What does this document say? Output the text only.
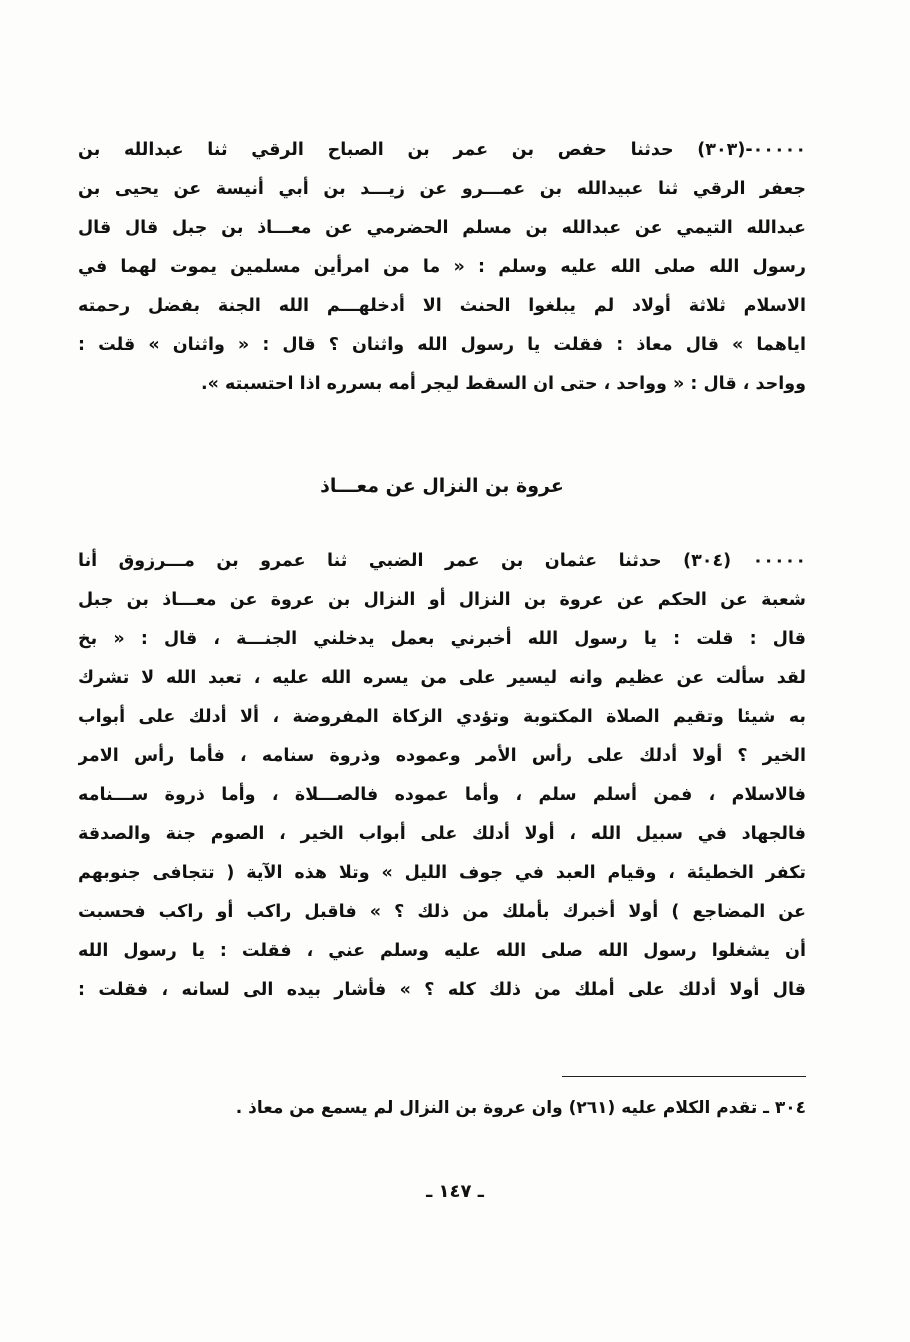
٠٠٠٠٠-(٣٠٣) حدثنا حفص بن عمر بن الصباح الرقي ثنا عبدالله بن
جعفر الرقي ثنا عبيدالله بن عمـــرو عن زيـــد بن أبي أنيسة عن يحيى بن
عبدالله التيمي عن عبدالله بن مسلم الحضرمي عن معـــاذ بن جبل قال قال
رسول الله صلى الله عليه وسلم : « ما من امرأين مسلمين يموت لهما في
الاسلام ثلاثة أولاد لم يبلغوا الحنث الا أدخلهـــم الله الجنة بفضل رحمته
اياهما » قال معاذ : فقلت يا رسول الله واثنان ؟ قال : « واثنان » قلت :
وواحد ، قال : « وواحد ، حتى ان السقط ليجر أمه بسرره اذا احتسبته ».
عروة بن النزال عن معـــاذ
٠٠٠٠٠ (٣٠٤) حدثنا عثمان بن عمر الضبي ثنا عمرو بن مـــرزوق أنا
شعبة عن الحكم عن عروة بن النزال أو النزال بن عروة عن معـــاذ بن جبل
قال : قلت : يا رسول الله أخبرني بعمل يدخلني الجنـــة ، قال : « بخ
لقد سألت عن عظيم وانه ليسير على من يسره الله عليه ، تعبد الله لا تشرك
به شيئا وتقيم الصلاة المكتوبة وتؤدي الزكاة المفروضة ، ألا أدلك على أبواب
الخير ؟ أولا أدلك على رأس الأمر وعموده وذروة سنامه ، فأما رأس الامر
فالاسلام ، فمن أسلم سلم ، وأما عموده فالصـــلاة ، وأما ذروة ســـنامه
فالجهاد في سبيل الله ، أولا أدلك على أبواب الخير ، الصوم جنة والصدقة
تكفر الخطيئة ، وقيام العبد في جوف الليل » وتلا هذه الآية ( تتجافى جنوبهم
عن المضاجع ) أولا أخبرك بأملك من ذلك ؟ » فاقبل راكب أو راكب فحسبت
أن يشغلوا رسول الله صلى الله عليه وسلم عني ، فقلت : يا رسول الله
قال أولا أدلك على أملك من ذلك كله ؟ » فأشار بيده الى لسانه ، فقلت :
٣٠٤ ـ تقدم الكلام عليه (٢٦١) وان عروة بن النزال لم يسمع من معاذ .
ـ ١٤٧ ـ
